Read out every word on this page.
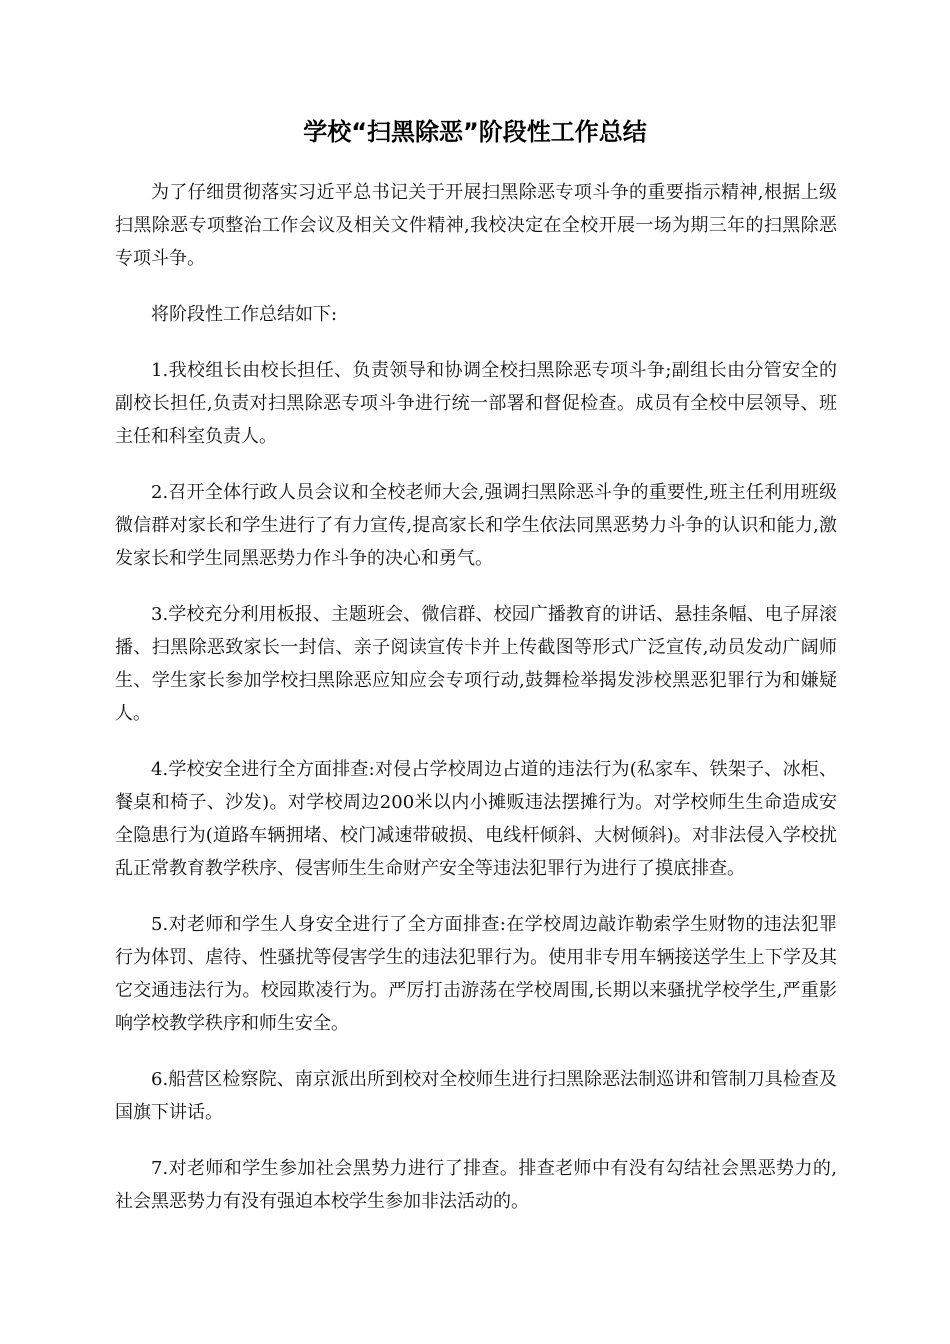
学校“扫黑除恶”阶段性工作总结

为了仔细贯彻落实习近平总书记关于开展扫黑除恶专项斗争的重要指示精神,根据上级扫黑除恶专项整治工作会议及相关文件精神,我校决定在全校开展一场为期三年的扫黑除恶专项斗争。

将阶段性工作总结如下:

1.我校组长由校长担任、负责领导和协调全校扫黑除恶专项斗争;副组长由分管安全的副校长担任,负责对扫黑除恶专项斗争进行统一部署和督促检查。成员有全校中层领导、班主任和科室负责人。

2.召开全体行政人员会议和全校老师大会,强调扫黑除恶斗争的重要性,班主任利用班级微信群对家长和学生进行了有力宣传,提高家长和学生依法同黑恶势力斗争的认识和能力,激发家长和学生同黑恶势力作斗争的决心和勇气。

3.学校充分利用板报、主题班会、微信群、校园广播教育的讲话、悬挂条幅、电子屏滚播、扫黑除恶致家长一封信、亲子阅读宣传卡并上传截图等形式广泛宣传,动员发动广阔师生、学生家长参加学校扫黑除恶应知应会专项行动,鼓舞检举揭发涉校黑恶犯罪行为和嫌疑人。

4.学校安全进行全方面排查:对侵占学校周边占道的违法行为(私家车、铁架子、冰柜、餐桌和椅子、沙发)。对学校周边200米以内小摊贩违法摆摊行为。对学校师生生命造成安全隐患行为(道路车辆拥堵、校门减速带破损、电线杆倾斜、大树倾斜)。对非法侵入学校扰乱正常教育教学秩序、侵害师生生命财产安全等违法犯罪行为进行了摸底排查。

5.对老师和学生人身安全进行了全方面排查:在学校周边敲诈勒索学生财物的违法犯罪行为体罚、虐待、性骚扰等侵害学生的违法犯罪行为。使用非专用车辆接送学生上下学及其它交通违法行为。校园欺凌行为。严厉打击游荡在学校周围,长期以来骚扰学校学生,严重影响学校教学秩序和师生安全。

6.船营区检察院、南京派出所到校对全校师生进行扫黑除恶法制巡讲和管制刀具检查及国旗下讲话。

7.对老师和学生参加社会黑势力进行了排查。排查老师中有没有勾结社会黑恶势力的,社会黑恶势力有没有强迫本校学生参加非法活动的。
